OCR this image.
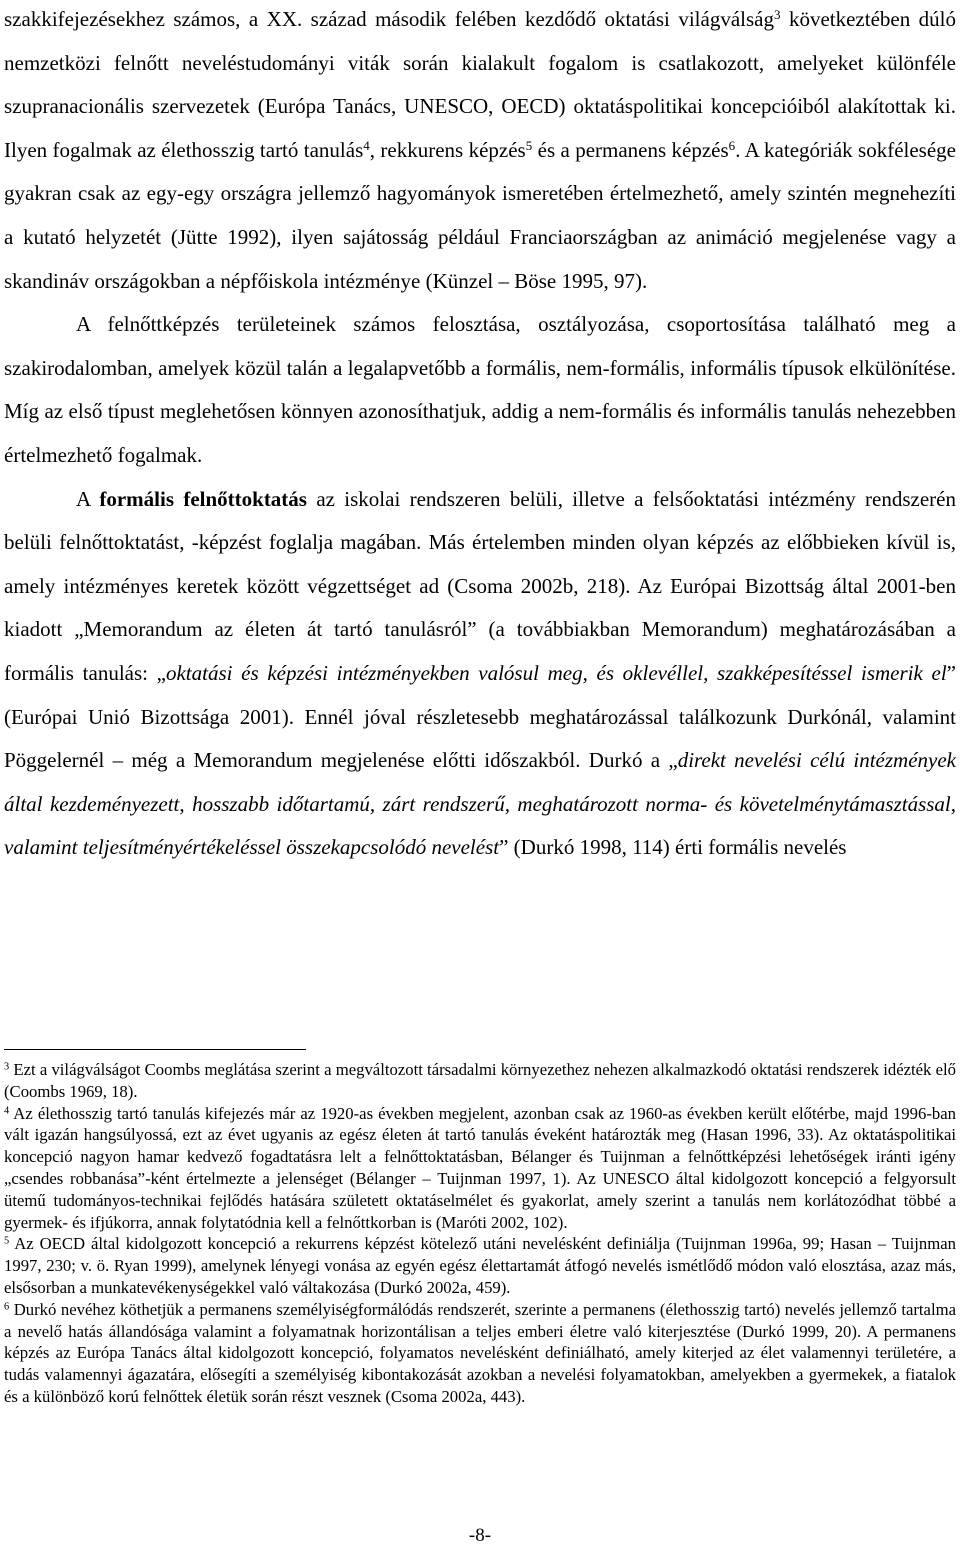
szakkifejezésekhez számos, a XX. század második felében kezdődő oktatási világválság$^3$ következtében dúló nemzetközi felnőtt neveléstudományi viták során kialakult fogalom is csatlakozott, amelyeket különféle szupranacionális szervezetek (Európa Tanács, UNESCO, OECD) oktatáspolitikai koncepcióiból alakítottak ki. Ilyen fogalmak az élethosszig tartó tanulás$^4$, rekkurens képzés$^5$ és a permanens képzés$^6$. A kategóriák sokfélesége gyakran csak az egy-egy országra jellemző hagyományok ismeretében értelmezhető, amely szintén megnehezíti a kutató helyzetét (Jütte 1992), ilyen sajátosság például Franciaországban az animáció megjelenése vagy a skandináv országokban a népfőiskola intézménye (Künzel – Böse 1995, 97).

A felnőttképzés területeinek számos felosztása, osztályozása, csoportosítása található meg a szakirodalomban, amelyek közül talán a legalapvetőbb a formális, nem-formális, informális típusok elkülönítése. Míg az első típust meglehetősen könnyen azonosíthatjuk, addig a nem-formális és informális tanulás nehezebben értelmezhető fogalmak.

A formális felnőttoktatás az iskolai rendszeren belüli, illetve a felsőoktatási intézmény rendszerén belüli felnőttoktatást, -képzést foglalja magában. Más értelemben minden olyan képzés az előbbieken kívül is, amely intézményes keretek között végzettséget ad (Csoma 2002b, 218). Az Európai Bizottság által 2001-ben kiadott „Memorandum az életen át tartó tanulásról” (a továbbiakban Memorandum) meghatározásában a formális tanulás: „oktatási és képzési intézményekben valósul meg, és oklevéllel, szakképesítéssel ismerik el” (Európai Unió Bizottsága 2001). Ennél jóval részletesebb meghatározással találkozunk Durkónál, valamint Pöggelernél – még a Memorandum megjelenése előtti időszakból. Durkó a „direkt nevelési célú intézmények által kezdeményezett, hosszabb időtartamú, zárt rendszerű, meghatározott norma- és követelménytámasztással, valamint teljesítményértékeléssel összekapcsolódó nevelést” (Durkó 1998, 114) érti formális nevelés

$^3$ Ezt a világválságot Coombs meglátása szerint a megváltozott társadalmi környezethez nehezen alkalmazkodó oktatási rendszerek idézték elő (Coombs 1969, 18).

$^4$ Az élethosszig tartó tanulás kifejezés már az 1920-as években megjelent, azonban csak az 1960-as években került előtérbe, majd 1996-ban vált igazán hangsúlyossá, ezt az évet ugyanis az egész életen át tartó tanulás éveként határozták meg (Hasan 1996, 33). Az oktatáspolitikai koncepció nagyon hamar kedvező fogadtatásra lelt a felnőttoktatásban, Bélanger és Tuijnman a felnőttképzési lehetőségek iránti igény „csendes robbanása”-ként értelmezte a jelenséget (Bélanger – Tuijnman 1997, 1). Az UNESCO által kidolgozott koncepció a felgyorsult ütemű tudományos-technikai fejlődés hatására született oktatáselmélet és gyakorlat, amely szerint a tanulás nem korlátozódhat többé a gyermek- és ifjúkorra, annak folytatódnia kell a felnőttkorban is (Maróti 2002, 102).

$^5$ Az OECD által kidolgozott koncepció a rekurrens képzést kötelező utáni nevelésként definiálja (Tuijnman 1996a, 99; Hasan – Tuijnman 1997, 230; v. ö. Ryan 1999), amelynek lényegi vonása az egyén egész élettartamát átfogó nevelés ismétlődő módon való elosztása, azaz más, elsősorban a munkatevékenységekkel való váltakozása (Durkó 2002a, 459).

$^6$ Durkó nevéhez köthetjük a permanens személyiségformálódás rendszerét, szerinte a permanens (élethosszig tartó) nevelés jellemző tartalma a nevelő hatás állandósága valamint a folyamatnak horizontálisan a teljes emberi életre való kiterjesztése (Durkó 1999, 20). A permanens képzés az Európa Tanács által kidolgozott koncepció, folyamatos nevelésként definiálható, amely kiterjed az élet valamennyi területére, a tudás valamennyi ágazatára, elősegíti a személyiség kibontakozását azokban a nevelési folyamatokban, amelyekben a gyermekek, a fiatalok és a különböző korú felnőttek életük során részt vesznek (Csoma 2002a, 443).

-8-
